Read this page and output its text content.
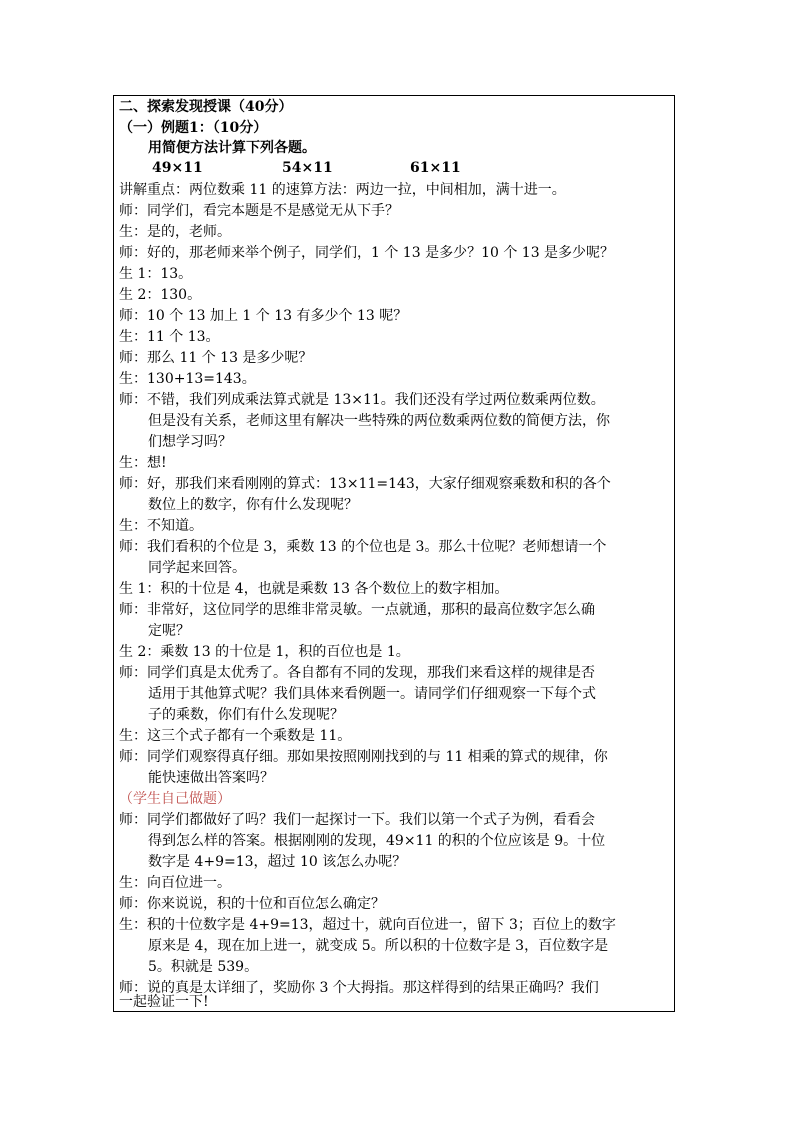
二、探索发现授课（40分）
（一）例题1：（10分）
用简便方法计算下列各题。
49×11	54×11	61×11
讲解重点：两位数乘 11 的速算方法：两边一拉，中间相加，满十进一。
师：同学们，看完本题是不是感觉无从下手？
生：是的，老师。
师：好的，那老师来举个例子，同学们，1 个 13 是多少？10 个 13 是多少呢？
生 1：13。
生 2：130。
师：10 个 13 加上 1 个 13 有多少个 13 呢？
生：11 个 13。
师：那么 11 个 13 是多少呢？
生：130+13=143。
师：不错，我们列成乘法算式就是 13×11。我们还没有学过两位数乘两位数。
但是没有关系，老师这里有解决一些特殊的两位数乘两位数的简便方法，你
们想学习吗？
生：想!
师：好，那我们来看刚刚的算式：13×11=143，大家仔细观察乘数和积的各个
数位上的数字，你有什么发现呢？
生：不知道。
师：我们看积的个位是 3，乘数 13 的个位也是 3。那么十位呢？老师想请一个
同学起来回答。
生 1：积的十位是 4，也就是乘数 13 各个数位上的数字相加。
师：非常好，这位同学的思维非常灵敏。一点就通，那积的最高位数字怎么确
定呢？
生 2：乘数 13 的十位是 1，积的百位也是 1。
师：同学们真是太优秀了。各自都有不同的发现，那我们来看这样的规律是否
适用于其他算式呢？我们具体来看例题一。请同学们仔细观察一下每个式
子的乘数，你们有什么发现呢？
生：这三个式子都有一个乘数是 11。
师：同学们观察得真仔细。那如果按照刚刚找到的与 11 相乘的算式的规律，你
能快速做出答案吗？
（学生自己做题）
师：同学们都做好了吗？我们一起探讨一下。我们以第一个式子为例，看看会
得到怎么样的答案。根据刚刚的发现，49×11 的积的个位应该是 9。十位
数字是 4+9=13，超过 10 该怎么办呢？
生：向百位进一。
师：你来说说，积的十位和百位怎么确定？
生：积的十位数字是 4+9=13，超过十，就向百位进一，留下 3；百位上的数字
原来是 4，现在加上进一，就变成 5。所以积的十位数字是 3，百位数字是
5。积就是 539。
师：说的真是太详细了，奖励你 3 个大拇指。那这样得到的结果正确吗？我们
一起验证一下!
